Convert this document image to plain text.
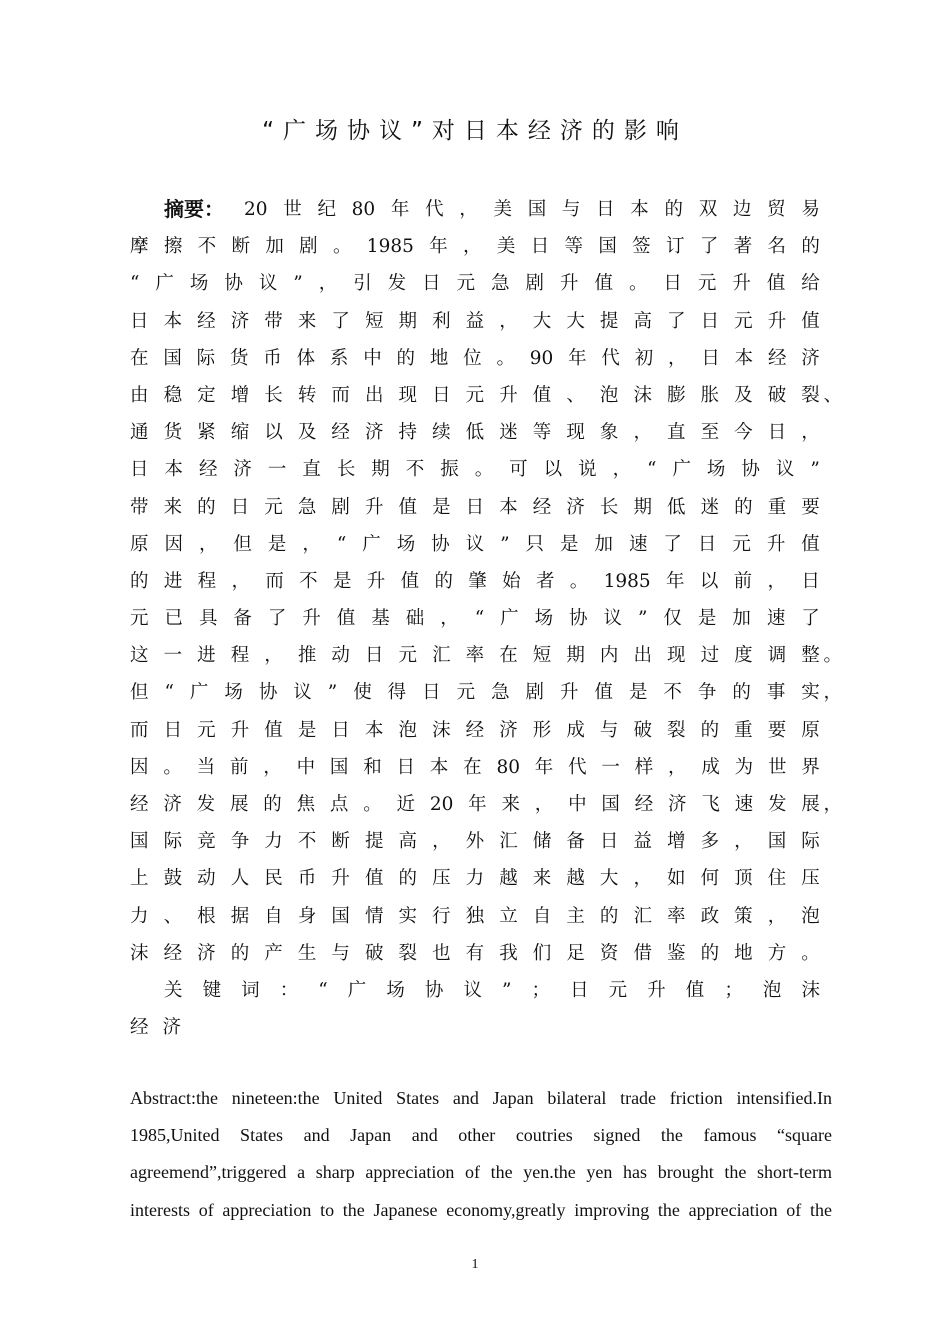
“广场协议”对日本经济的影响
摘要： 20 世 纪 80 年 代 ， 美 国 与 日 本 的 双 边 贸 易
摩 擦 不 断 加 剧 。 1985 年 ， 美 日 等 国 签 订 了 著 名 的
“ 广 场 协 议 ” ， 引 发 日 元 急 剧 升 值 。 日 元 升 值 给
日 本 经 济 带 来 了 短 期 利 益 ， 大 大 提 高 了 日 元 升 值
在 国 际 货 币 体 系 中 的 地 位 。 90 年 代 初 ， 日 本 经 济
由 稳 定 增 长 转 而 出 现 日 元 升 值 、 泡 沫 膨 胀 及 破 裂 、
通 货 紧 缩 以 及 经 济 持 续 低 迷 等 现 象 ， 直 至 今 日 ，
日 本 经 济 一 直 长 期 不 振 。 可 以 说 ， “ 广 场 协 议 ”
带 来 的 日 元 急 剧 升 值 是 日 本 经 济 长 期 低 迷 的 重 要
原 因 ， 但 是 ， “ 广 场 协 议 ” 只 是 加 速 了 日 元 升 值
的 进 程 ， 而 不 是 升 值 的 肇 始 者 。 1985 年 以 前 ， 日
元 已 具 备 了 升 值 基 础 ， “ 广 场 协 议 ” 仅 是 加 速 了
这 一 进 程 ， 推 动 日 元 汇 率 在 短 期 内 出 现 过 度 调 整 。
但 “ 广 场 协 议 ” 使 得 日 元 急 剧 升 值 是 不 争 的 事 实 ，
而 日 元 升 值 是 日 本 泡 沫 经 济 形 成 与 破 裂 的 重 要 原
因 。 当 前 ， 中 国 和 日 本 在 80 年 代 一 样 ， 成 为 世 界
经 济 发 展 的 焦 点 。 近 20 年 来 ， 中 国 经 济 飞 速 发 展 ，
国 际 竞 争 力 不 断 提 高 ， 外 汇 储 备 日 益 增 多 ， 国 际
上 鼓 动 人 民 币 升 值 的 压 力 越 来 越 大 ， 如 何 顶 住 压
力 、 根 据 自 身 国 情 实 行 独 立 自 主 的 汇 率 政 策 ， 泡
沫 经 济 的 产 生 与 破 裂 也 有 我 们 足 资 借 鉴 的 地 方 。
关 键 词 ： “ 广 场 协 议 ” ； 日 元 升 值 ； 泡 沫
经 济
Abstract:the nineteen:the United States and Japan bilateral trade friction intensified.In
1985,United States and Japan and other coutries signed the famous “square
agreemend”,triggered a sharp appreciation of the yen.the yen has brought the short-term
interests of appreciation to the Japanese economy,greatly improving the appreciation of the
1
